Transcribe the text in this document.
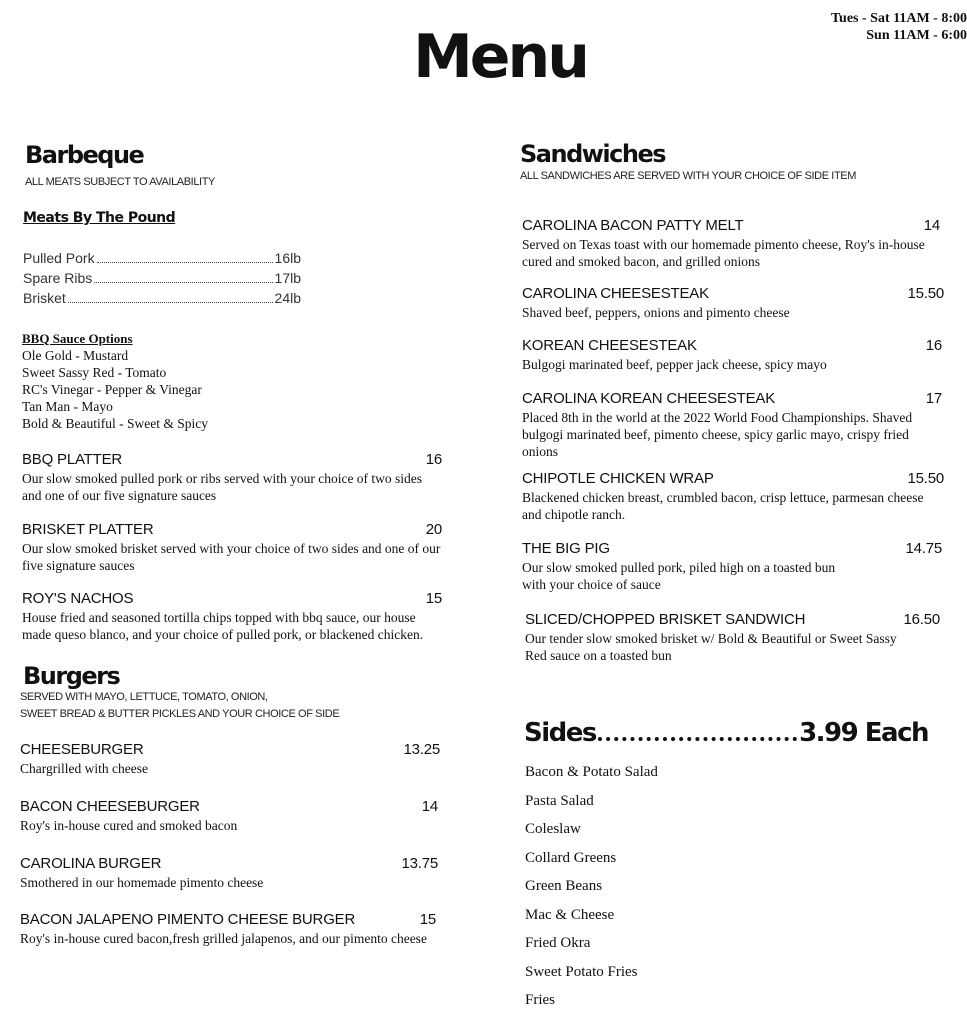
Tues - Sat 11AM - 8:00
Sun 11AM - 6:00
Menu
Barbeque
ALL MEATS SUBJECT TO AVAILABILITY
Meats By The Pound
Pulled Pork	16lb
Spare Ribs	17lb
Brisket	24lb
BBQ Sauce Options
Ole Gold - Mustard
Sweet Sassy Red - Tomato
RC's Vinegar - Pepper & Vinegar
Tan Man - Mayo
Bold & Beautiful - Sweet & Spicy
BBQ PLATTER	16
Our slow smoked pulled pork or ribs served with your choice of two sides and one of our five signature sauces
BRISKET PLATTER	20
Our slow smoked brisket served with your choice of two sides and one of our five signature sauces
ROY'S NACHOS	15
House fried and seasoned tortilla chips topped with bbq sauce, our house made queso blanco, and your choice of pulled pork, or blackened chicken.
Burgers
SERVED WITH MAYO, LETTUCE, TOMATO, ONION,
SWEET BREAD & BUTTER PICKLES AND YOUR CHOICE OF SIDE
CHEESEBURGER	13.25
Chargrilled with cheese
BACON CHEESEBURGER	14
Roy's in-house cured and smoked bacon
CAROLINA BURGER	13.75
Smothered in our homemade pimento cheese
BACON JALAPENO PIMENTO CHEESE BURGER	15
Roy's in-house cured bacon,fresh grilled jalapenos, and our pimento cheese
Sandwiches
ALL SANDWICHES ARE SERVED WITH YOUR CHOICE OF SIDE ITEM
CAROLINA BACON PATTY MELT	14
Served on Texas toast with our homemade pimento cheese, Roy's in-house cured and smoked bacon, and grilled onions
CAROLINA CHEESESTEAK	15.50
Shaved beef, peppers, onions and pimento cheese
KOREAN CHEESESTEAK	16
Bulgogi marinated beef, pepper jack cheese, spicy mayo
CAROLINA KOREAN CHEESESTEAK	17
Placed 8th in the world at the 2022 World Food Championships. Shaved bulgogi marinated beef, pimento cheese, spicy garlic mayo, crispy fried onions
CHIPOTLE CHICKEN WRAP	15.50
Blackened chicken breast, crumbled bacon, crisp lettuce, parmesan cheese and chipotle ranch.
THE BIG PIG	14.75
Our slow smoked pulled pork, piled high on a toasted bun with your choice of sauce
SLICED/CHOPPED BRISKET SANDWICH	16.50
Our tender slow smoked brisket w/ Bold & Beautiful or Sweet Sassy Red sauce on a toasted bun
Sides	3.99 Each
Bacon & Potato Salad
Pasta Salad
Coleslaw
Collard Greens
Green Beans
Mac & Cheese
Fried Okra
Sweet Potato Fries
Fries
